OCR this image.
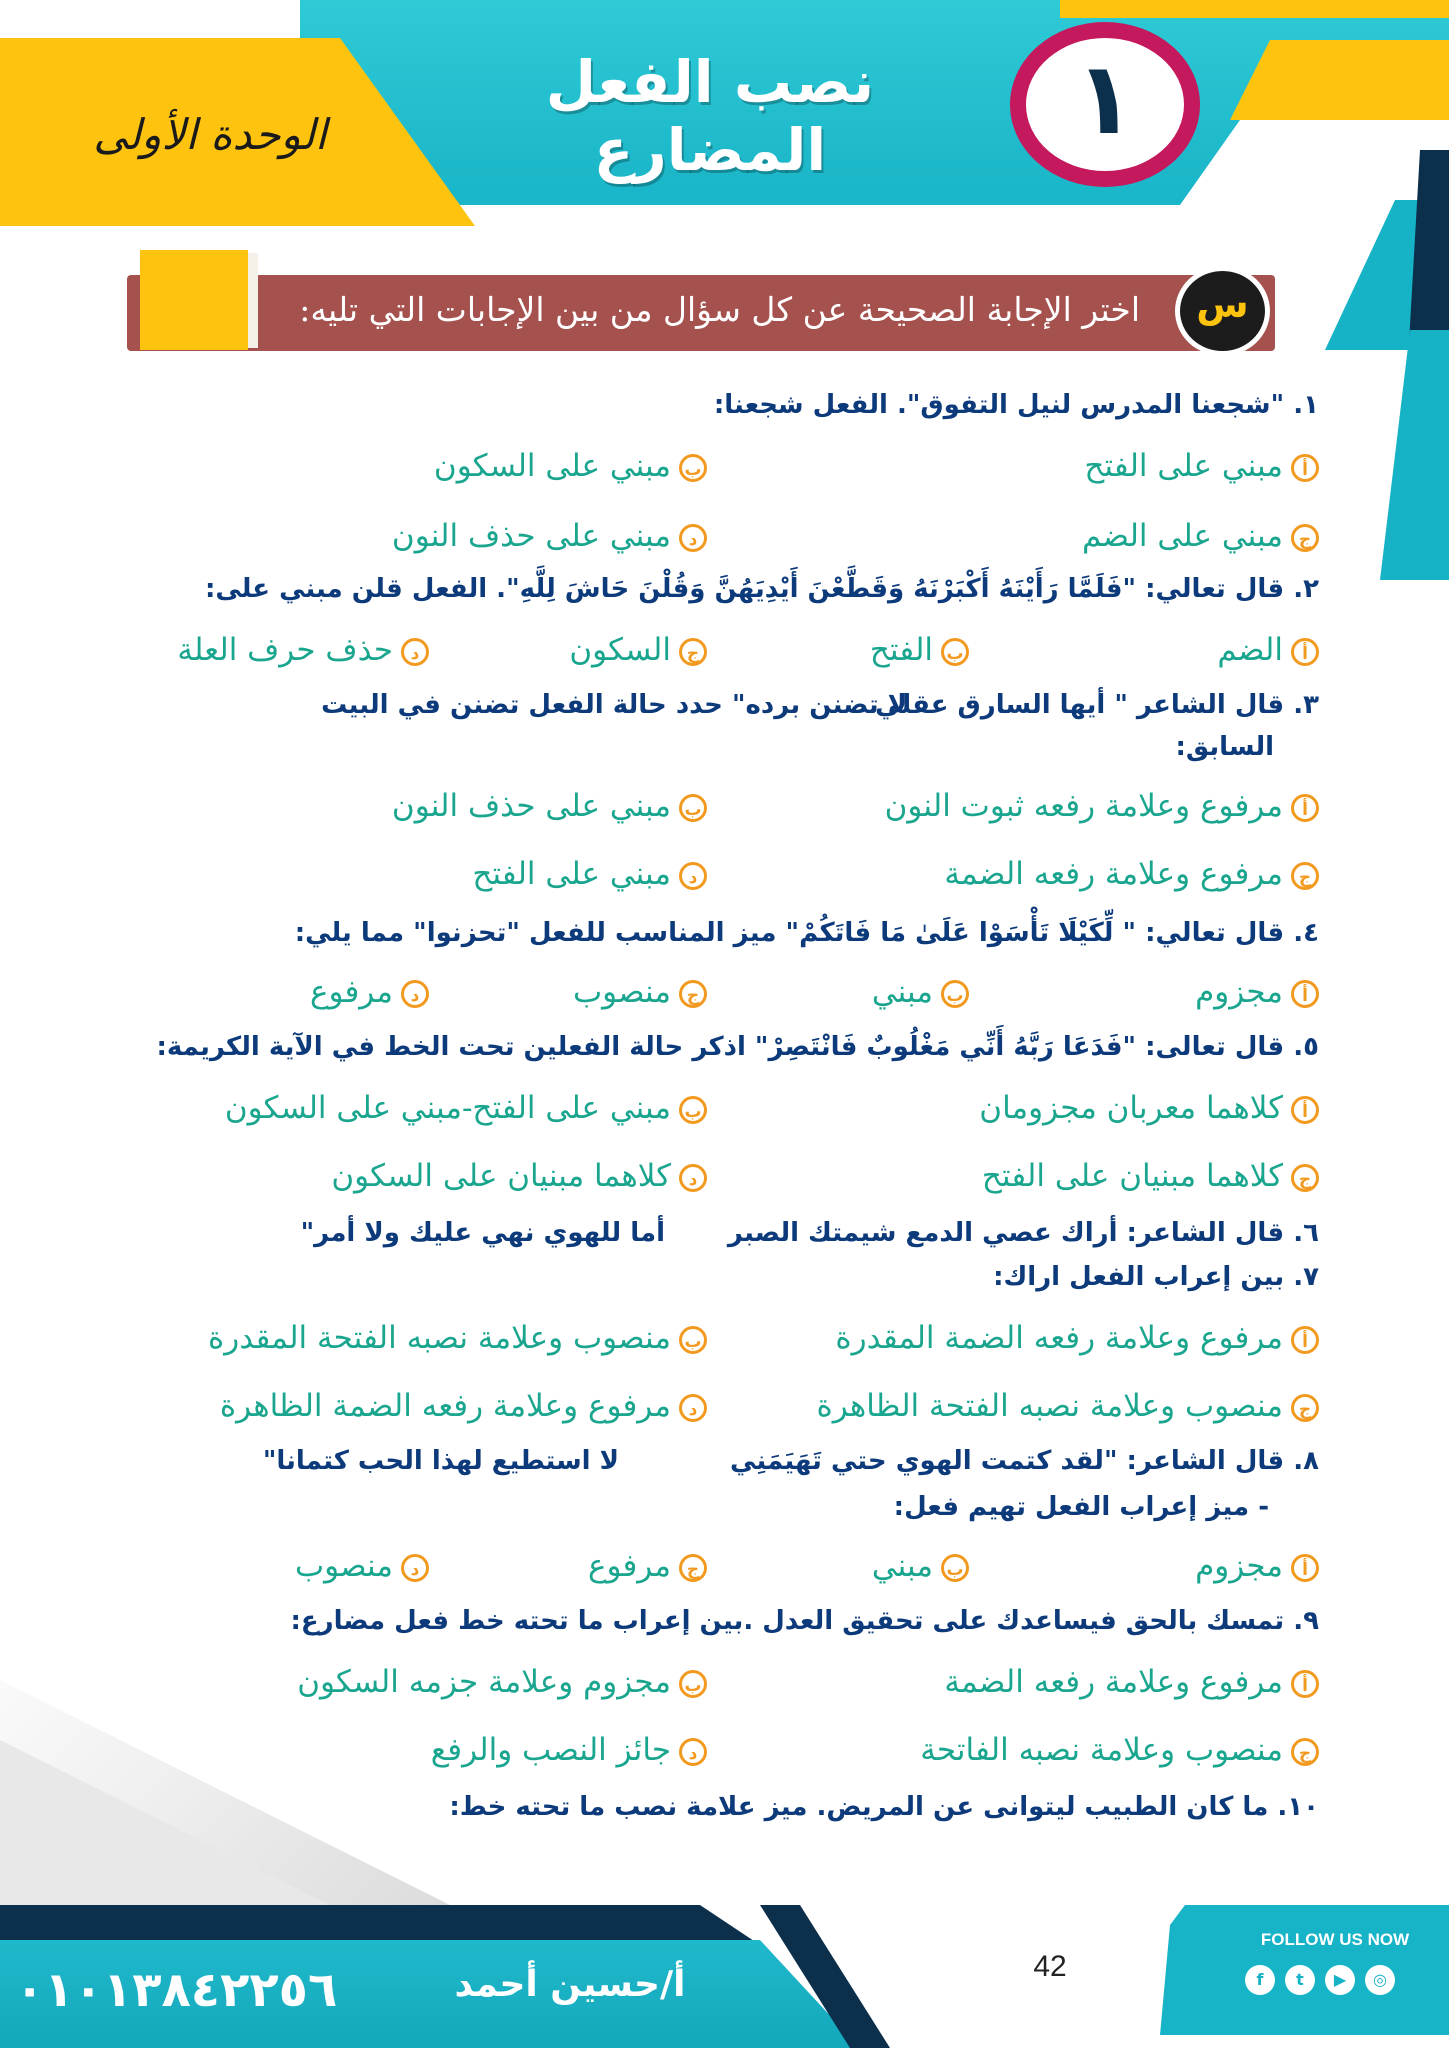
نصب الفعل المضارع	١
الوحدة الأولى
اختر الإجابة الصحيحة عن كل سؤال من بين الإجابات التي تليه:	س
١. "شجعنا المدرس لنيل التفوق". الفعل شجعنا:
أمبني على الفتح
بمبني على السكون
جمبني على الضم
دمبني على حذف النون
٢. قال تعالي: "فَلَمَّا رَأَيْنَهُ أَكْبَرْنَهُ وَقَطَّعْنَ أَيْدِيَهُنَّ وَقُلْنَ حَاشَ لِلَّهِ". الفعل قلن مبني على:
أالضم
بالفتح
جالسكون
دحذف حرف العلة
٣. قال الشاعر " أيها السارق عقلي
لا تضنن برده" حدد حالة الفعل تضنن في البيت
السابق:
أمرفوع وعلامة رفعه ثبوت النون
بمبني على حذف النون
جمرفوع وعلامة رفعه الضمة
دمبني على الفتح
٤. قال تعالي: " لِّكَيْلَا تَأْسَوْا عَلَىٰ مَا فَاتَكُمْ" ميز المناسب للفعل "تحزنوا" مما يلي:
أمجزوم
بمبني
جمنصوب
دمرفوع
٥. قال تعالى: "فَدَعَا رَبَّهُ أَنِّي مَغْلُوبٌ فَانْتَصِرْ" اذكر حالة الفعلين تحت الخط في الآية الكريمة:
أكلاهما معربان مجزومان
بمبني على الفتح-مبني على السكون
جكلاهما مبنيان على الفتح
دكلاهما مبنيان على السكون
٦. قال الشاعر: أراك عصي الدمع شيمتك الصبر
أما للهوي نهي عليك ولا أمر"
٧. بين إعراب الفعل اراك:
أمرفوع وعلامة رفعه الضمة المقدرة
بمنصوب وعلامة نصبه الفتحة المقدرة
جمنصوب وعلامة نصبه الفتحة الظاهرة
دمرفوع وعلامة رفعه الضمة الظاهرة
٨. قال الشاعر: "لقد كتمت الهوي حتي تَهَيَمَنِي
لا استطيع لهذا الحب كتمانا"
- ميز إعراب الفعل تهيم فعل:
أمجزوم
بمبني
جمرفوع
دمنصوب
٩. تمسك بالحق فيساعدك على تحقيق العدل .بين إعراب ما تحته خط فعل مضارع:
أمرفوع وعلامة رفعه الضمة
بمجزوم وعلامة جزمه السكون
جمنصوب وعلامة نصبه الفاتحة
دجائز النصب والرفع
١٠. ما كان الطبيب ليتوانى عن المريض. ميز علامة نصب ما تحته خط:
٠١٠١٣٨٤٢٢٥٦	أ/حسين أحمد	42
FOLLOW US NOW
f	t	▶	◎
